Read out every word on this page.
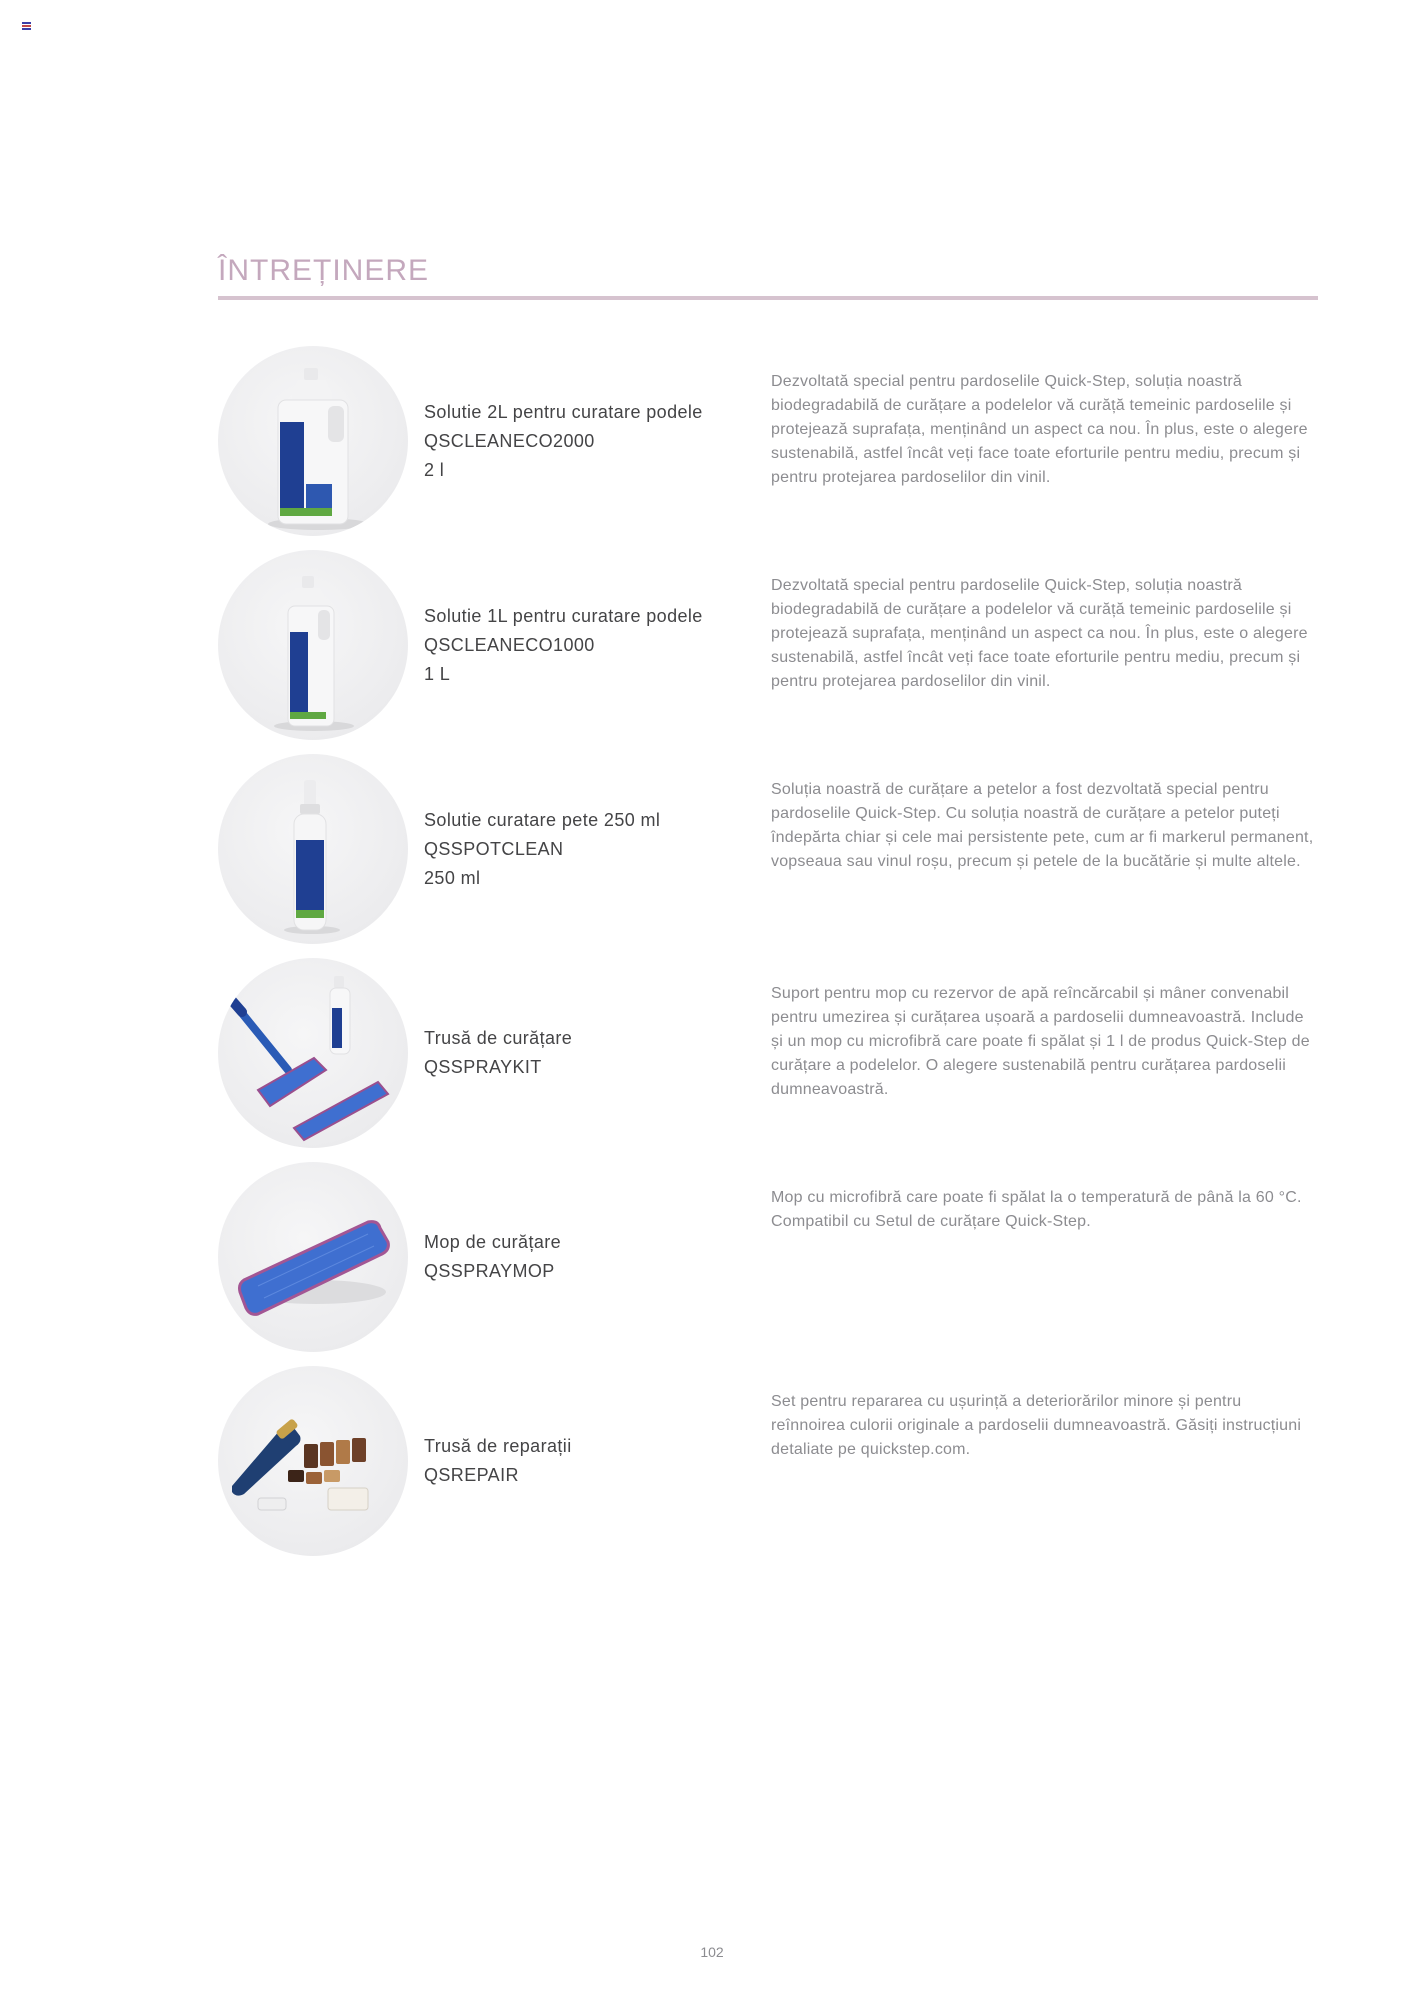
ÎNTREȚINERE
Solutie 2L pentru curatare podele
QSCLEANECO2000
2 l
Dezvoltată special pentru pardoselile Quick-Step, soluția noastră biodegradabilă de curățare a podelelor vă curăță temeinic pardoselile și protejează suprafața, menținând un aspect ca nou. În plus, este o alegere sustenabilă, astfel încât veți face toate eforturile pentru mediu, precum și pentru protejarea pardoselilor din vinil.
Solutie 1L pentru curatare podele
QSCLEANECO1000
1 L
Dezvoltată special pentru pardoselile Quick-Step, soluția noastră biodegradabilă de curățare a podelelor vă curăță temeinic pardoselile și protejează suprafața, menținând un aspect ca nou. În plus, este o alegere sustenabilă, astfel încât veți face toate eforturile pentru mediu, precum și pentru protejarea pardoselilor din vinil.
Solutie curatare pete 250 ml
QSSPOTCLEAN
250 ml
Soluția noastră de curățare a petelor a fost dezvoltată special pentru pardoselile Quick-Step. Cu soluția noastră de curățare a petelor puteți îndepărta chiar și cele mai persistente pete, cum ar fi markerul permanent, vopseaua sau vinul roșu, precum și petele de la bucătărie și multe altele.
Trusă de curățare
QSSPRAYKIT
Suport pentru mop cu rezervor de apă reîncărcabil și mâner convenabil pentru umezirea și curățarea ușoară a pardoselii dumneavoastră. Include și un mop cu microfibră care poate fi spălat și 1 l de produs Quick-Step de curățare a podelelor. O alegere sustenabilă pentru curățarea pardoselii dumneavoastră.
Mop de curățare
QSSPRAYMOP
Mop cu microfibră care poate fi spălat la o temperatură de până la 60 °C.
Compatibil cu Setul de curățare Quick-Step.
Trusă de reparații
QSREPAIR
Set pentru repararea cu ușurință a deteriorărilor minore și pentru reînnoirea culorii originale a pardoselii dumneavoastră. Găsiți instrucțiuni detaliate pe quickstep.com.
102
